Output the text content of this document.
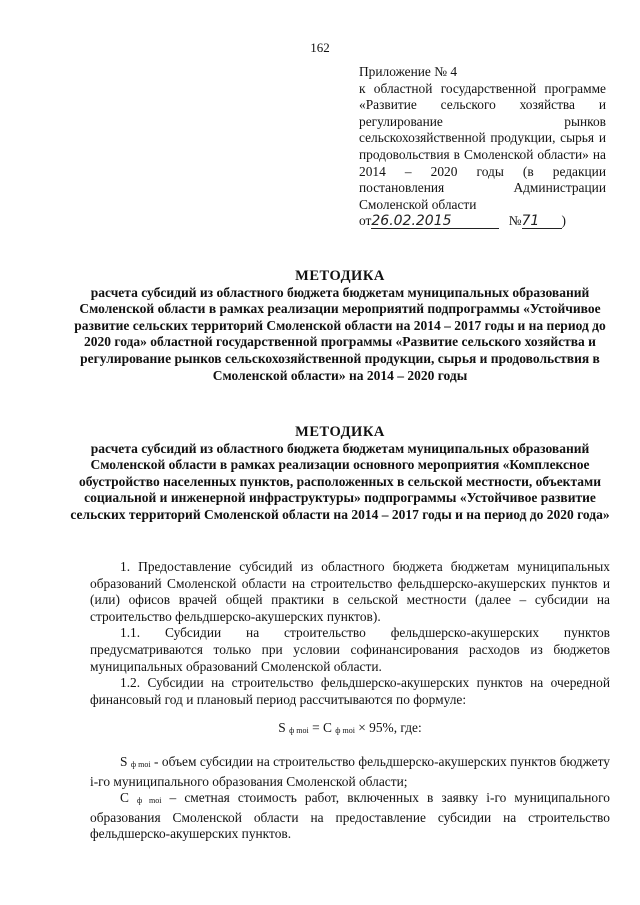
162
Приложение № 4
к областной государственной программе «Развитие сельского хозяйства и регулирование рынков сельскохозяйственной продукции, сырья и продовольствия в Смоленской области» на 2014 – 2020 годы (в редакции постановления Администрации Смоленской области
от26.02.2015	№71 )
МЕТОДИКА
расчета субсидий из областного бюджета бюджетам муниципальных образований Смоленской области в рамках реализации мероприятий подпрограммы «Устойчивое развитие сельских территорий Смоленской области на 2014 – 2017 годы и на период до 2020 года» областной государственной программы «Развитие сельского хозяйства и регулирование рынков сельскохозяйственной продукции, сырья и продовольствия в Смоленской области» на 2014 – 2020 годы
МЕТОДИКА
расчета субсидий из областного бюджета бюджетам муниципальных образований Смоленской области в рамках реализации основного мероприятия «Комплексное обустройство населенных пунктов, расположенных в сельской местности, объектами социальной и инженерной инфраструктуры» подпрограммы «Устойчивое развитие сельских территорий Смоленской области на 2014 – 2017 годы и на период до 2020 года»

1. Предоставление субсидий из областного бюджета бюджетам муниципальных образований Смоленской области на строительство фельдшерско-акушерских пунктов и (или) офисов врачей общей практики в сельской местности (далее – субсидии на строительство фельдшерско-акушерских пунктов).

1.1. Субсидии на строительство фельдшерско-акушерских пунктов предусматриваются только при условии софинансирования расходов из бюджетов муниципальных образований Смоленской области.

1.2. Субсидии на строительство фельдшерско-акушерских пунктов на очередной финансовый год и плановый период рассчитываются по формуле:

S ф moi = C ф moi × 95%, где:

S ф moi - объем субсидии на строительство фельдшерско-акушерских пунктов бюджету i-го муниципального образования Смоленской области;

С ф moi – сметная стоимость работ, включенных в заявку i-го муниципального образования Смоленской области на предоставление субсидии на строительство фельдшерско-акушерских пунктов.
